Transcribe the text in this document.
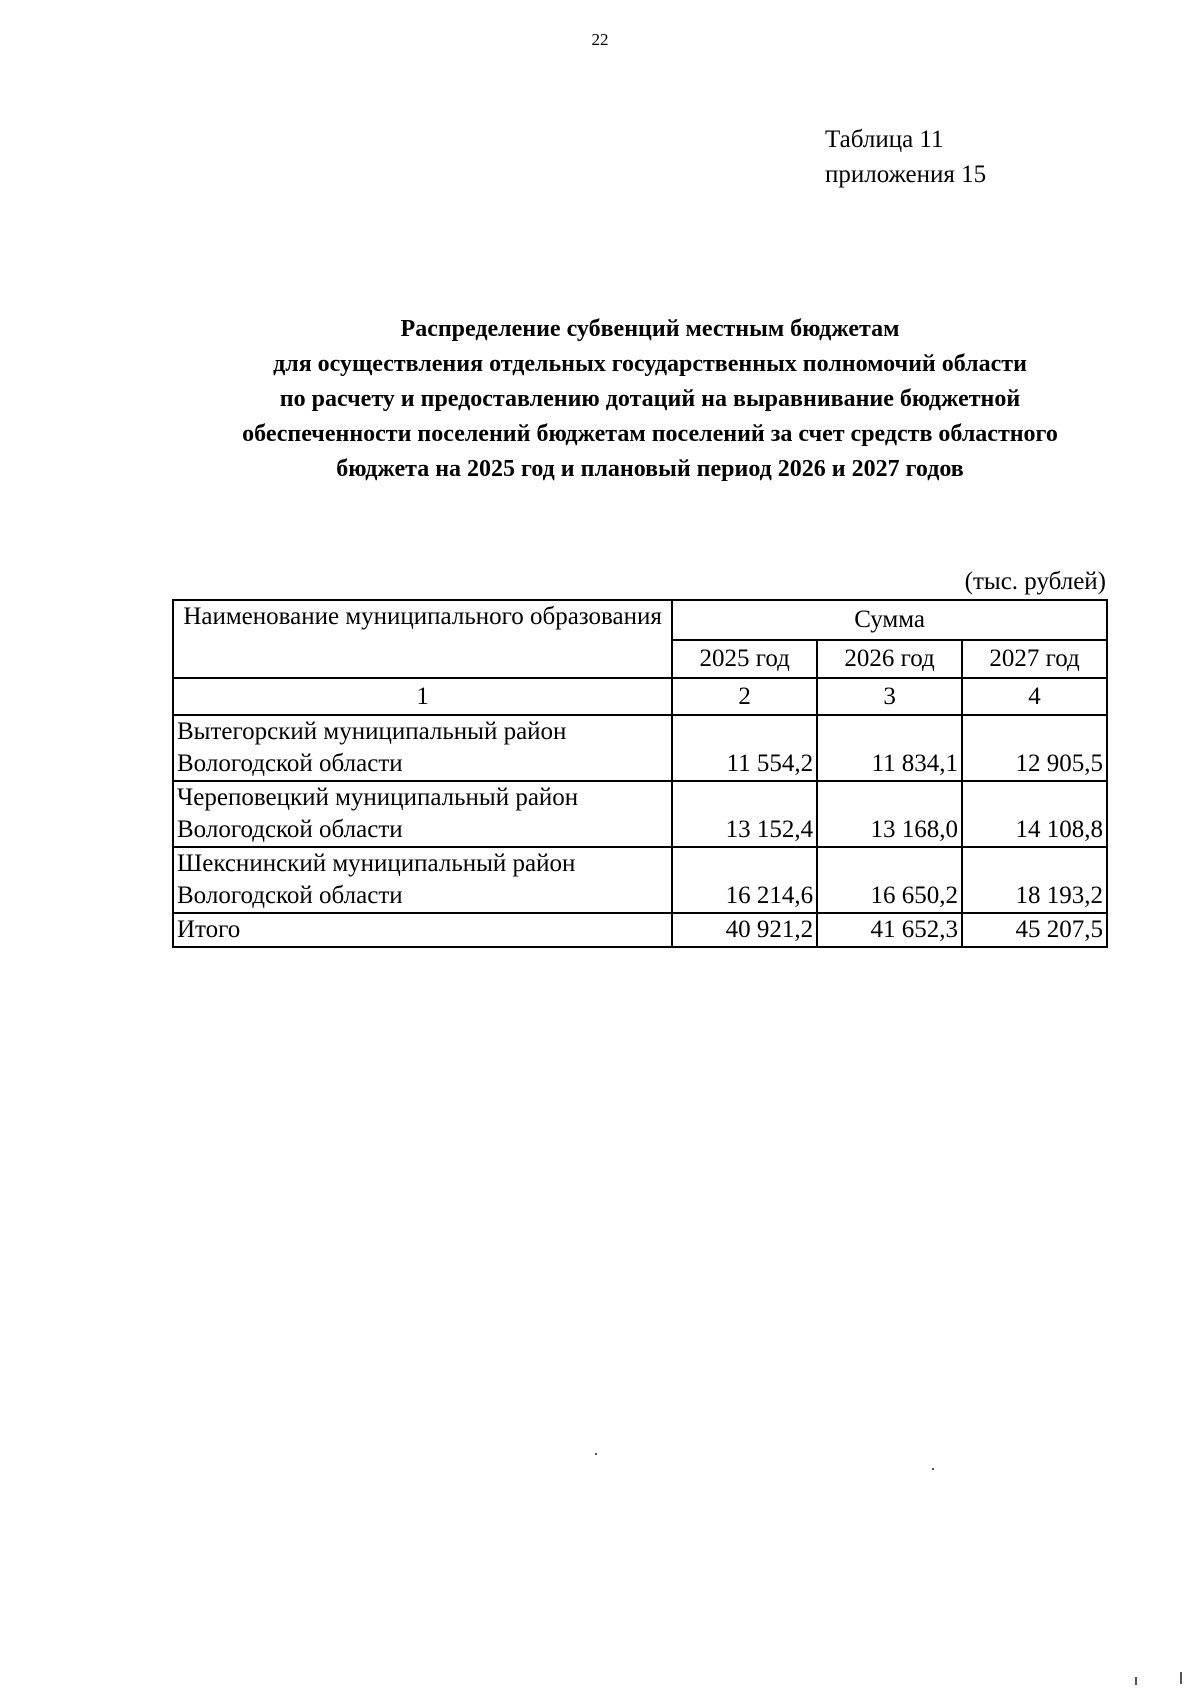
22
Таблица 11
приложения 15
Распределение субвенций местным бюджетам
для осуществления отдельных государственных полномочий области
по расчету и предоставлению дотаций на выравнивание бюджетной
обеспеченности поселений бюджетам поселений за счет средств областного
бюджета на 2025 год и плановый период 2026 и 2027 годов
(тыс. рублей)
Наименование муниципального образования	Сумма		
	2025 год	2026 год	2027 год
1	2	3	4

Вытегорский муниципальный район
Вологодской области	11 554,2	11 834,1	12 905,5

Череповецкий муниципальный район
Вологодской области	13 152,4	13 168,0	14 108,8

Шекснинский муниципальный район
Вологодской области	16 214,6	16 650,2	18 193,2
Итого	40 921,2	41 652,3	45 207,5
